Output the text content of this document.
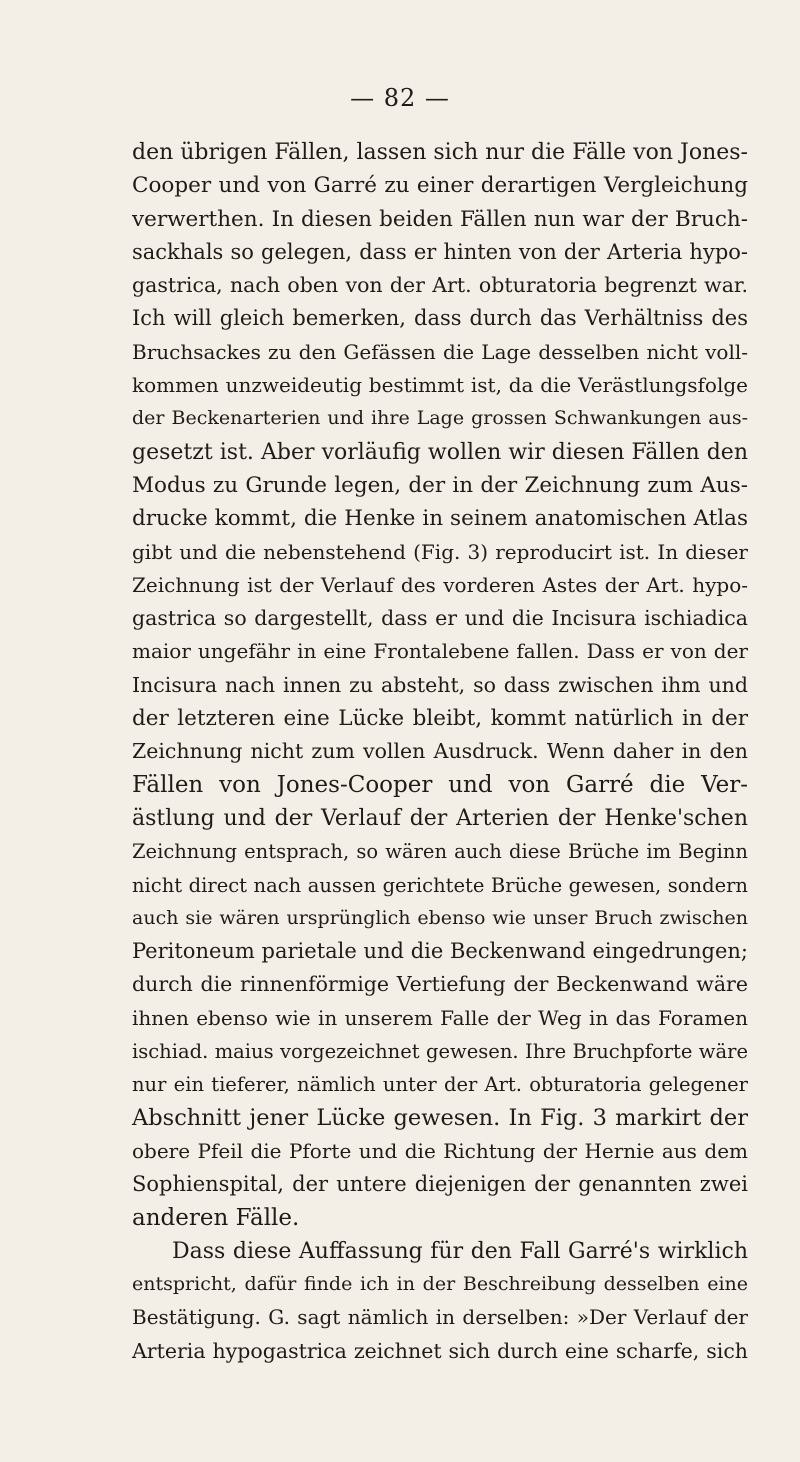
— 82 —
den übrigen Fällen, lassen sich nur die Fälle von Jones-
Cooper und von Garré zu einer derartigen Vergleichung
verwerthen. In diesen beiden Fällen nun war der Bruch-
sackhals so gelegen, dass er hinten von der Arteria hypo-
gastrica, nach oben von der Art. obturatoria begrenzt war.
Ich will gleich bemerken, dass durch das Verhältniss des
Bruchsackes zu den Gefässen die Lage desselben nicht voll-
kommen unzweideutig bestimmt ist, da die Verästlungsfolge
der Beckenarterien und ihre Lage grossen Schwankungen aus-
gesetzt ist. Aber vorläufig wollen wir diesen Fällen den
Modus zu Grunde legen, der in der Zeichnung zum Aus-
drucke kommt, die Henke in seinem anatomischen Atlas
gibt und die nebenstehend (Fig. 3) reproducirt ist. In dieser
Zeichnung ist der Verlauf des vorderen Astes der Art. hypo-
gastrica so dargestellt, dass er und die Incisura ischiadica
maior ungefähr in eine Frontalebene fallen. Dass er von der
Incisura nach innen zu absteht, so dass zwischen ihm und
der letzteren eine Lücke bleibt, kommt natürlich in der
Zeichnung nicht zum vollen Ausdruck. Wenn daher in den
Fällen von Jones-Cooper und von Garré die Ver-
ästlung und der Verlauf der Arterien der Henke'schen
Zeichnung entsprach, so wären auch diese Brüche im Beginn
nicht direct nach aussen gerichtete Brüche gewesen, sondern
auch sie wären ursprünglich ebenso wie unser Bruch zwischen
Peritoneum parietale und die Beckenwand eingedrungen;
durch die rinnenförmige Vertiefung der Beckenwand wäre
ihnen ebenso wie in unserem Falle der Weg in das Foramen
ischiad. maius vorgezeichnet gewesen. Ihre Bruchpforte wäre
nur ein tieferer, nämlich unter der Art. obturatoria gelegener
Abschnitt jener Lücke gewesen. In Fig. 3 markirt der
obere Pfeil die Pforte und die Richtung der Hernie aus dem
Sophienspital, der untere diejenigen der genannten zwei
anderen Fälle.
Dass diese Auffassung für den Fall Garré's wirklich
entspricht, dafür finde ich in der Beschreibung desselben eine
Bestätigung. G. sagt nämlich in derselben: »Der Verlauf der
Arteria hypogastrica zeichnet sich durch eine scharfe, sich
